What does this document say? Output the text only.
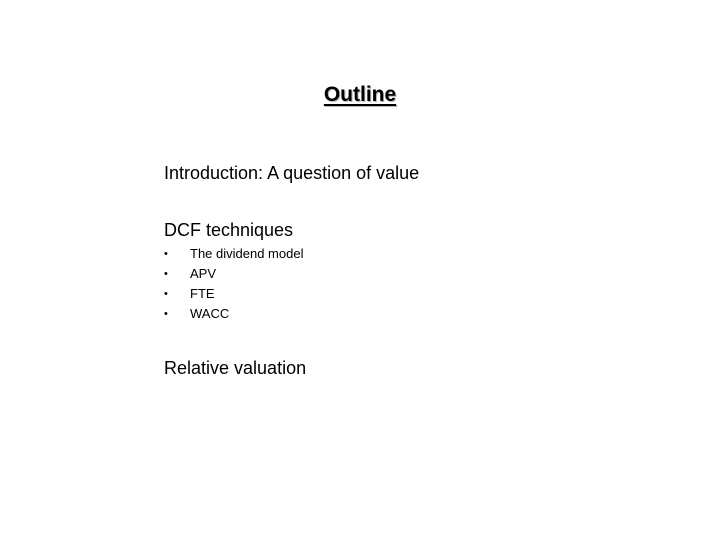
Outline
Introduction: A question of value
DCF techniques
•	The dividend model
•	APV
•	FTE
•	WACC
Relative valuation
